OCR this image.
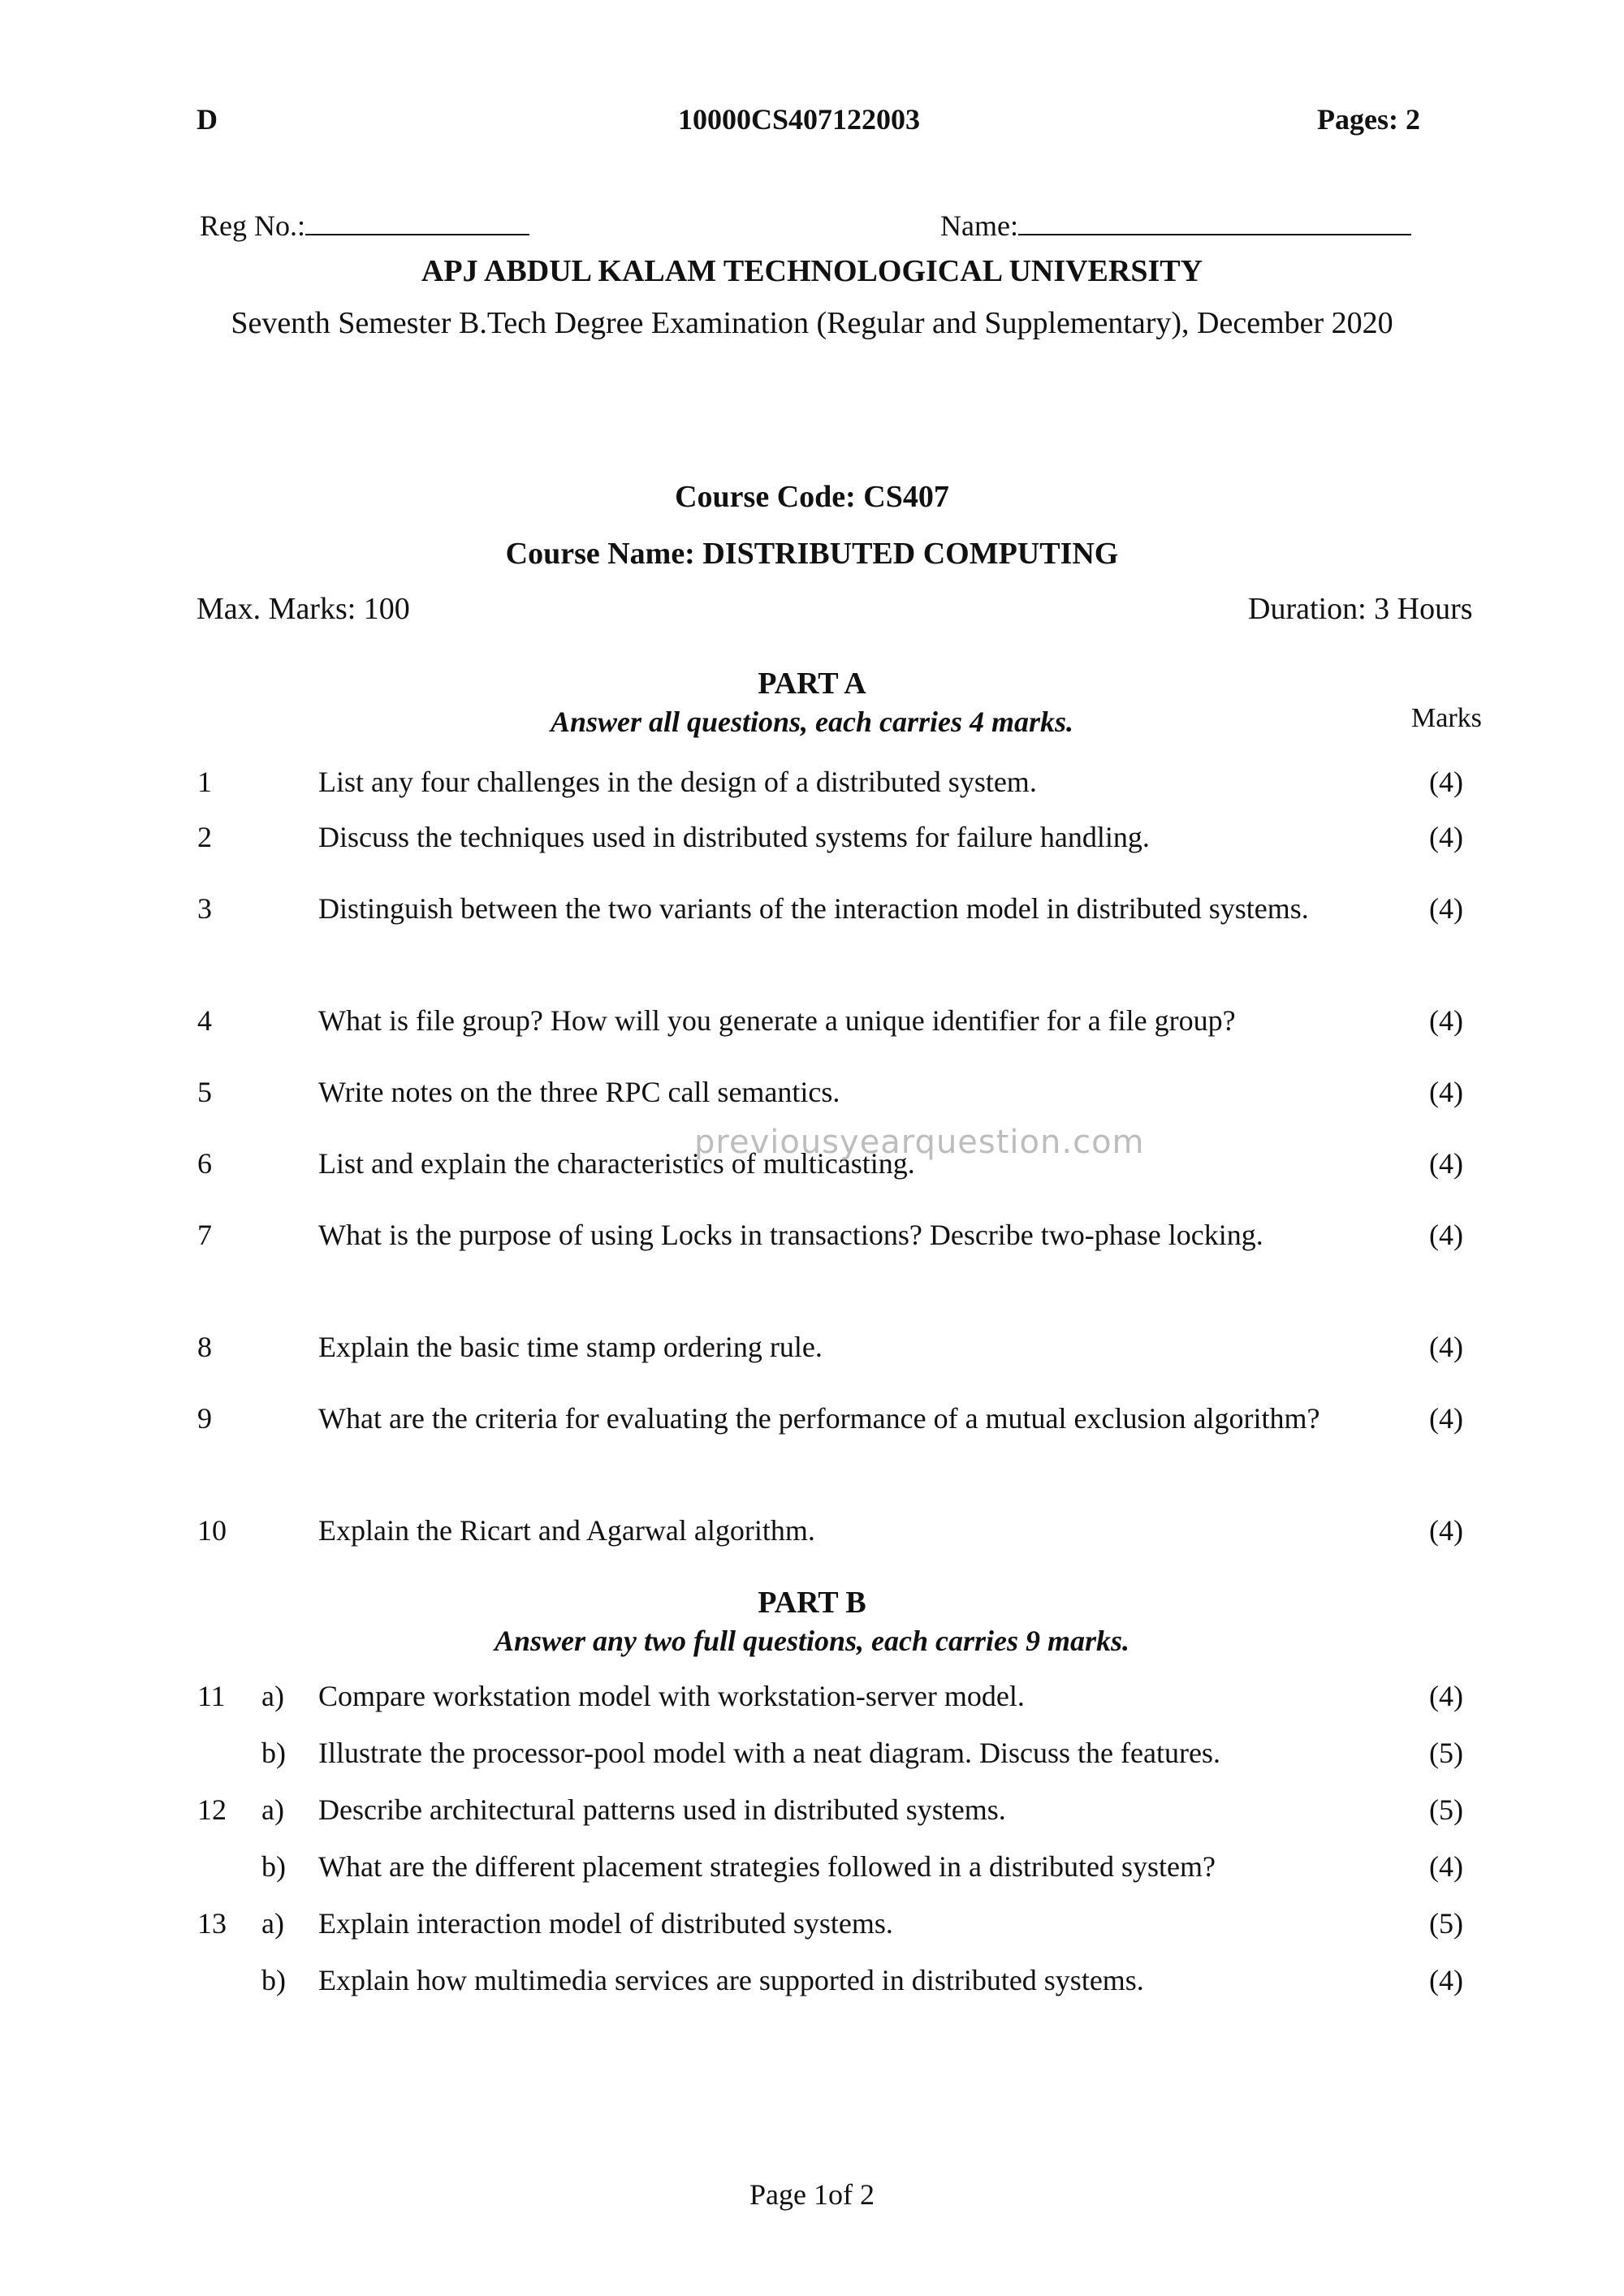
D	10000CS407122003	Pages: 2
Reg No.:	Name:
APJ ABDUL KALAM TECHNOLOGICAL UNIVERSITY
Seventh Semester B.Tech Degree Examination (Regular and Supplementary), December 2020
Course Code: CS407
Course Name: DISTRIBUTED COMPUTING
Max. Marks: 100	Duration: 3 Hours
PART A
Answer all questions, each carries 4 marks.	Marks
1	List any four challenges in the design of a distributed system.	(4)
2	Discuss the techniques used in distributed systems for failure handling.	(4)
3	Distinguish between the two variants of the interaction model in distributed systems.	(4)
4	What is file group? How will you generate a unique identifier for a file group?	(4)
5	Write notes on the three RPC call semantics.	(4)
6	List and explain the characteristics of multicasting.	(4)
7	What is the purpose of using Locks in transactions? Describe two-phase locking.	(4)
8	Explain the basic time stamp ordering rule.	(4)
9	What are the criteria for evaluating the performance of a mutual exclusion algorithm?	(4)
10	Explain the Ricart and Agarwal algorithm.	(4)
previousyearquestion.com
PART B
Answer any two full questions, each carries 9 marks.
11 a) Compare workstation model with workstation-server model.	(4)
b) Illustrate the processor-pool model with a neat diagram. Discuss the features.	(5)
12 a) Describe architectural patterns used in distributed systems.	(5)
b) What are the different placement strategies followed in a distributed system?	(4)
13 a) Explain interaction model of distributed systems.	(5)
b) Explain how multimedia services are supported in distributed systems.	(4)
Page 1of 2
